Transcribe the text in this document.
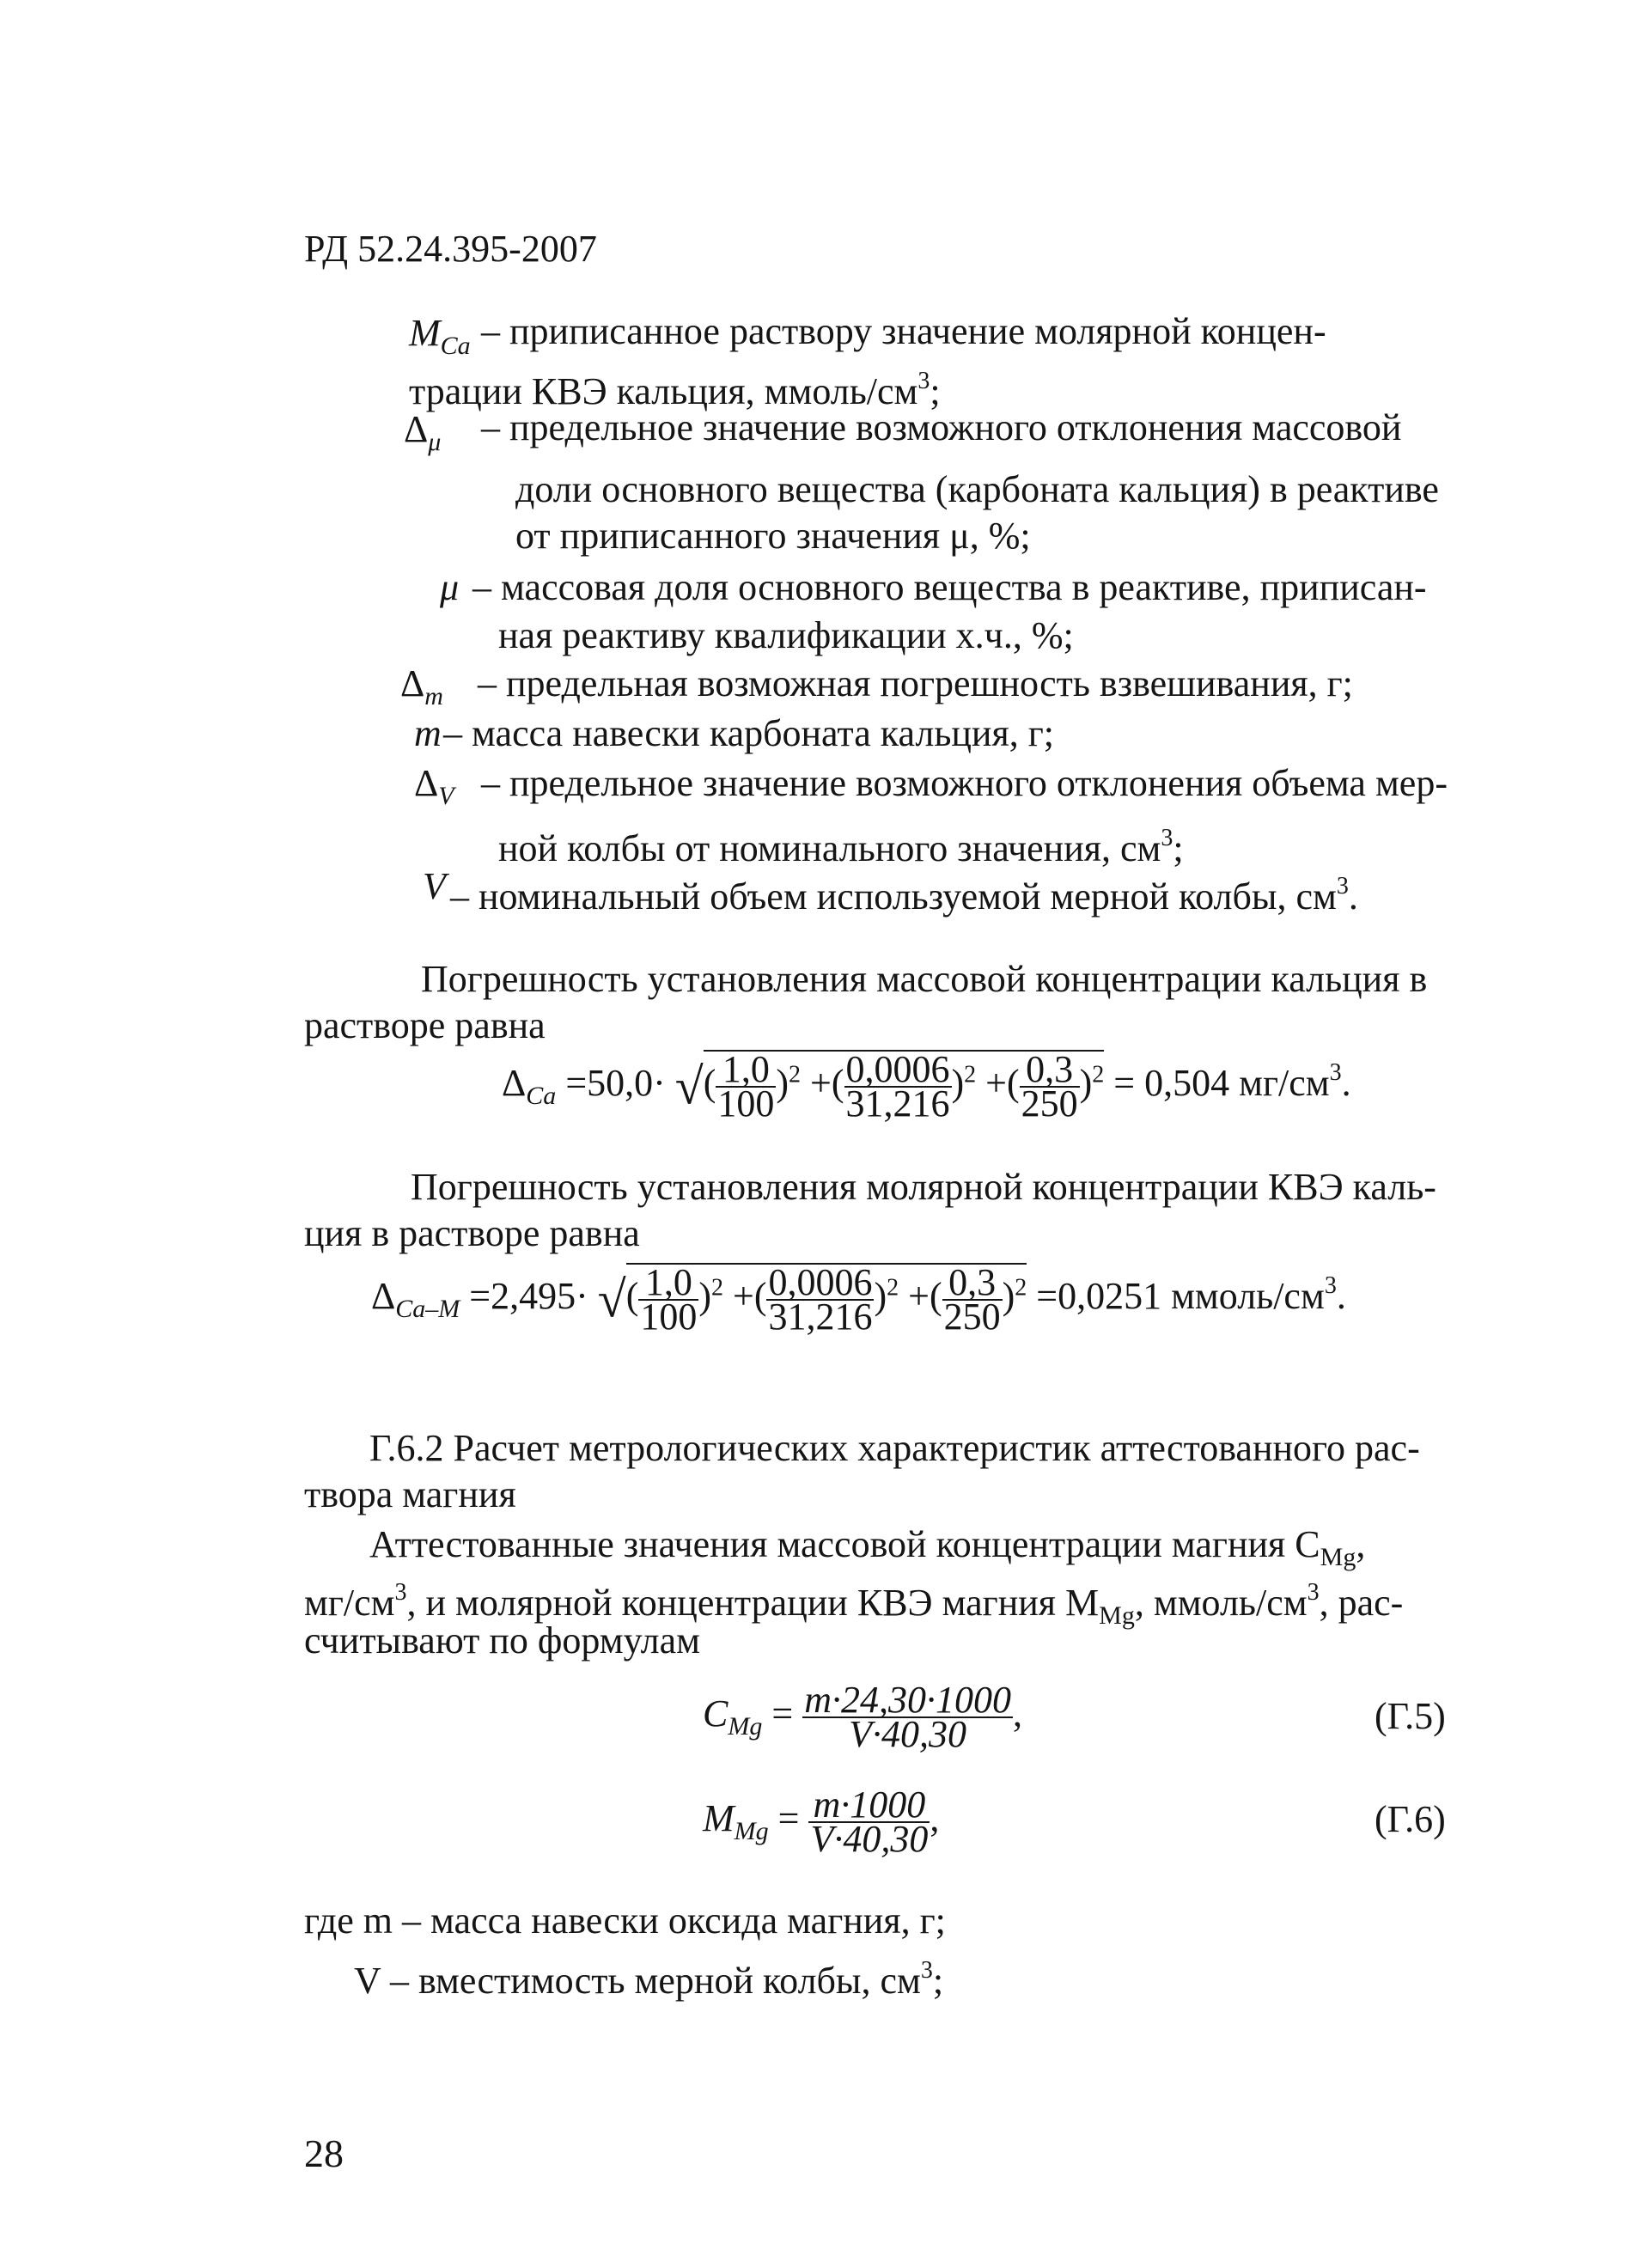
РД 52.24.395-2007
$M_{Ca}$ – приписанное раствору значение молярной концен-
трации КВЭ кальция, ммоль/$см^3$;
$\Delta_\mu$ – предельное значение возможного отклонения массовой
доли основного вещества (карбоната кальция) в реактиве
от приписанного значения μ, %;
μ – массовая доля основного вещества в реактиве, приписан-
ная реактиву квалификации х.ч., %;
$\Delta_m$ – предельная возможная погрешность взвешивания, г;
m – масса навески карбоната кальция, г;
$\Delta_V$ – предельное значение возможного отклонения объема мер-
ной колбы от номинального значения, $см^3$;
V – номинальный объем используемой мерной колбы, $см^3$.
Погрешность установления массовой концентрации кальция в
растворе равна
$\Delta_{Ca} =50,0\cdot$ √( $\frac{1,0}{100} )^2$ +( $\frac{0,0006}{31,216} )^2$ +( $\frac{0,3}{250} )^2 = 0,504$ $мг/см^3$.
Погрешность установления молярной концентрации КВЭ каль-
ция в растворе равна
$\Delta_{Ca-M} =2,495\cdot$ √( $\frac{1,0}{100} )^2$ +( $\frac{0,0006}{31,216} )^2$ +( $\frac{0,3}{250} )^2 =0,0251$ ммоль/$см^3$.
Г.6.2 Расчет метрологических характеристик аттестованного рас-
твора магния
Аттестованные значения массовой концентрации магния $C_{Mg}$,
$мг/см^3$, и молярной концентрации КВЭ магния $M_{Mg}$, ммоль/$см^3$, рас-
считывают по формулам
$C_{Mg} = \frac{m\cdot 24,30\cdot 1000}{V\cdot 40,30}$ ,	(Г.5)
$M_{Mg} = \frac{m\cdot 1000}{V\cdot 40,30}$ ,	(Г.6)
где m – масса навески оксида магния, г;
V – вместимость мерной колбы, $см^3$;
28
